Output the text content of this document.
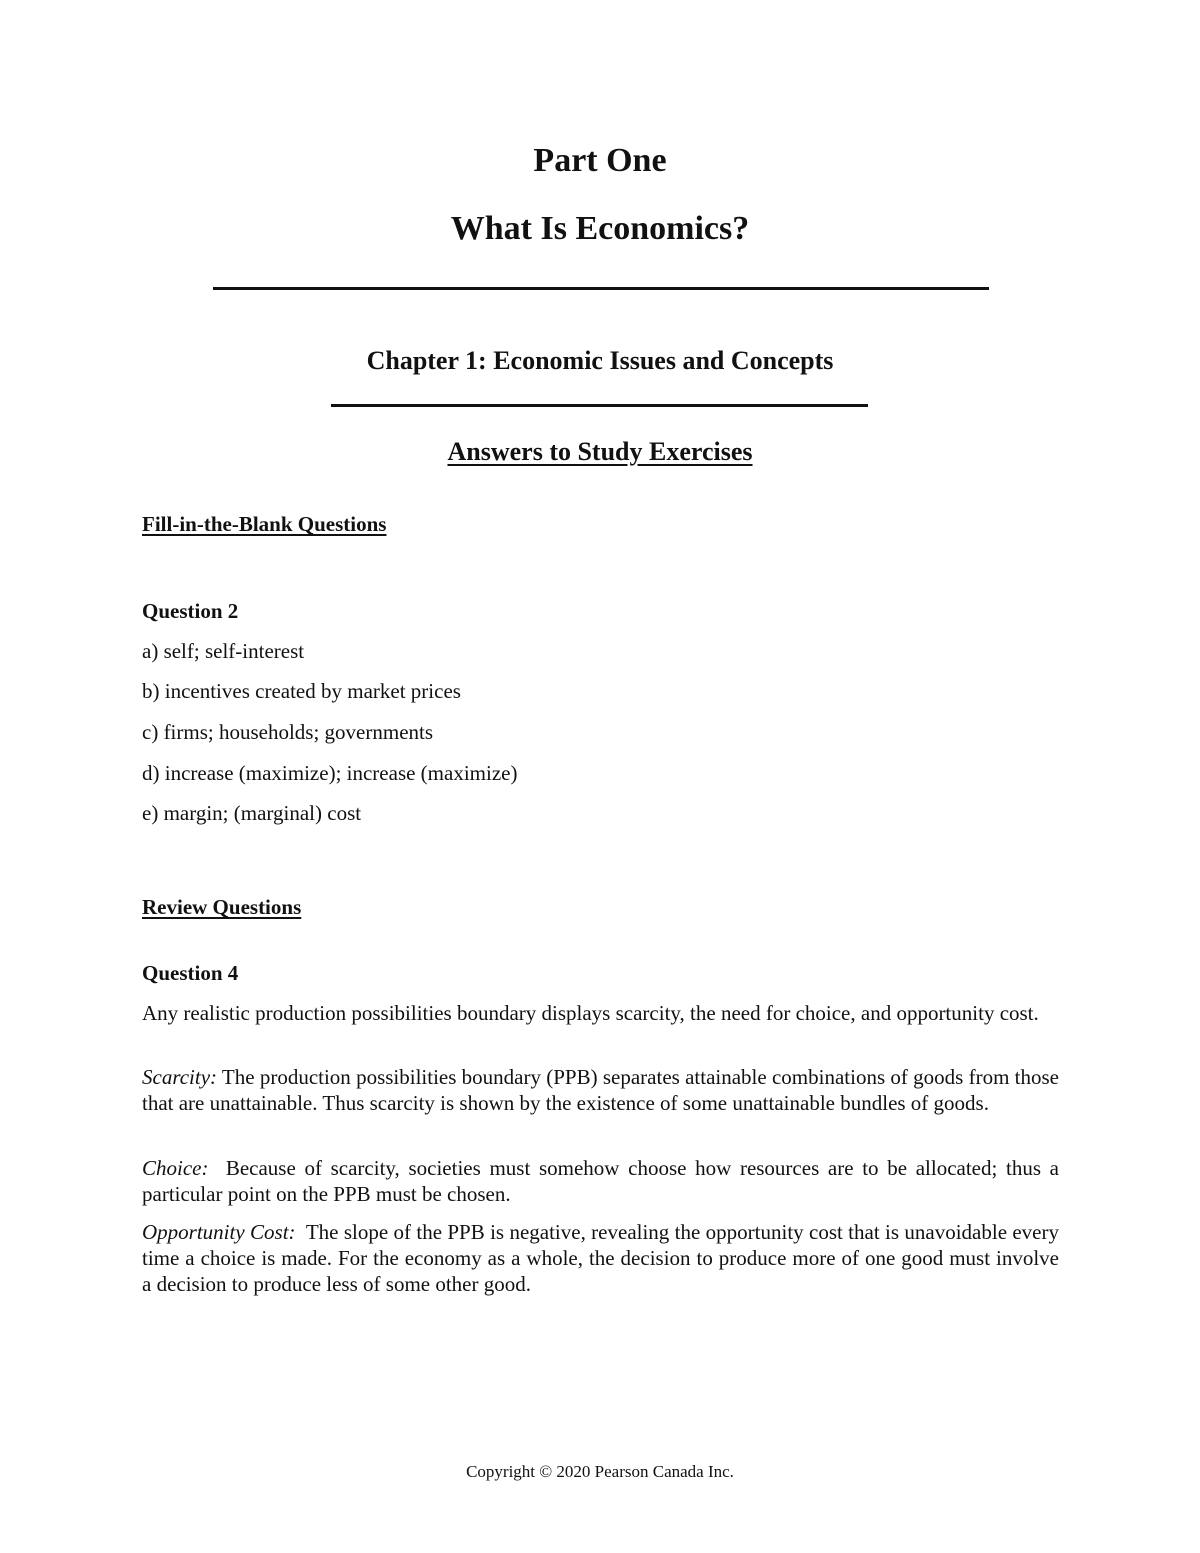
Part One
What Is Economics?
Chapter 1: Economic Issues and Concepts
Answers to Study Exercises
Fill-in-the-Blank Questions
Question 2
a) self; self-interest
b) incentives created by market prices
c) firms; households; governments
d) increase (maximize); increase (maximize)
e) margin; (marginal) cost
Review Questions
Question 4
Any realistic production possibilities boundary displays scarcity, the need for choice, and opportunity cost.
Scarcity: The production possibilities boundary (PPB) separates attainable combinations of goods from those that are unattainable. Thus scarcity is shown by the existence of some unattainable bundles of goods.
Choice:  Because of scarcity, societies must somehow choose how resources are to be allocated; thus a particular point on the PPB must be chosen.
Opportunity Cost:  The slope of the PPB is negative, revealing the opportunity cost that is unavoidable every time a choice is made. For the economy as a whole, the decision to produce more of one good must involve a decision to produce less of some other good.
Copyright © 2020 Pearson Canada Inc.
